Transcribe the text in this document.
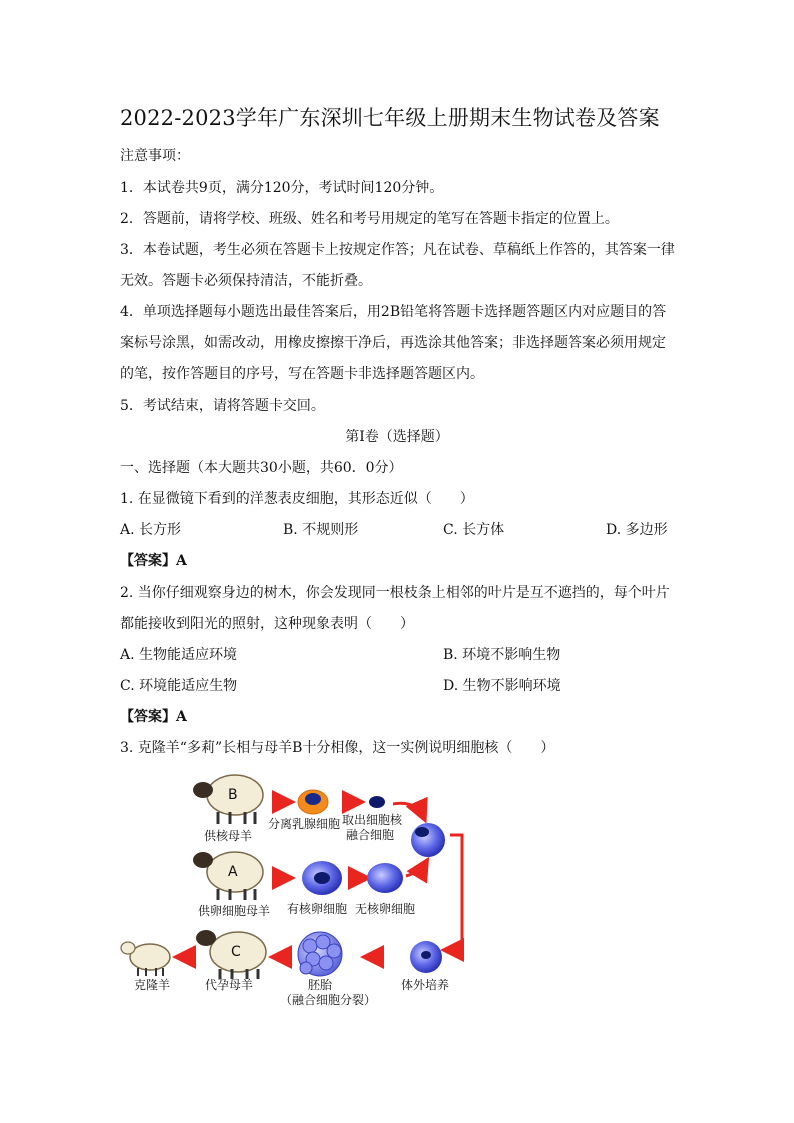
2022-2023学年广东深圳七年级上册期末生物试卷及答案
注意事项：
1．本试卷共9页，满分120分，考试时间120分钟。
2．答题前，请将学校、班级、姓名和考号用规定的笔写在答题卡指定的位置上。
3．本卷试题，考生必须在答题卡上按规定作答；凡在试卷、草稿纸上作答的，其答案一律
无效。答题卡必须保持清洁，不能折叠。
4．单项选择题每小题选出最佳答案后，用2B铅笔将答题卡选择题答题区内对应题目的答
案标号涂黑，如需改动，用橡皮擦擦干净后，再选涂其他答案；非选择题答案必须用规定
的笔，按作答题目的序号，写在答题卡非选择题答题区内。
5．考试结束，请将答题卡交回。
第Ⅰ卷（选择题）
一、选择题（本大题共30小题，共60．0分）
1. 在显微镜下看到的洋葱表皮细胞，其形态近似（　　）
A. 长方形	B. 不规则形	C. 长方体	D. 多边形
【答案】A
2. 当你仔细观察身边的树木，你会发现同一根枝条上相邻的叶片是互不遮挡的，每个叶片
都能接收到阳光的照射，这种现象表明（　　）
A. 生物能适应环境	B. 环境不影响生物
C. 环境能适应生物	D. 生物不影响环境
【答案】A
3. 克隆羊“多莉”长相与母羊B十分相像，这一实例说明细胞核（　　）
B
供核母羊
分离乳腺细胞 取出细胞核
融合细胞
A
供卵细胞母羊 有核卵细胞 无核卵细胞
体外培养
胚胎
（融合细胞分裂）
C
代孕母羊
克隆羊
